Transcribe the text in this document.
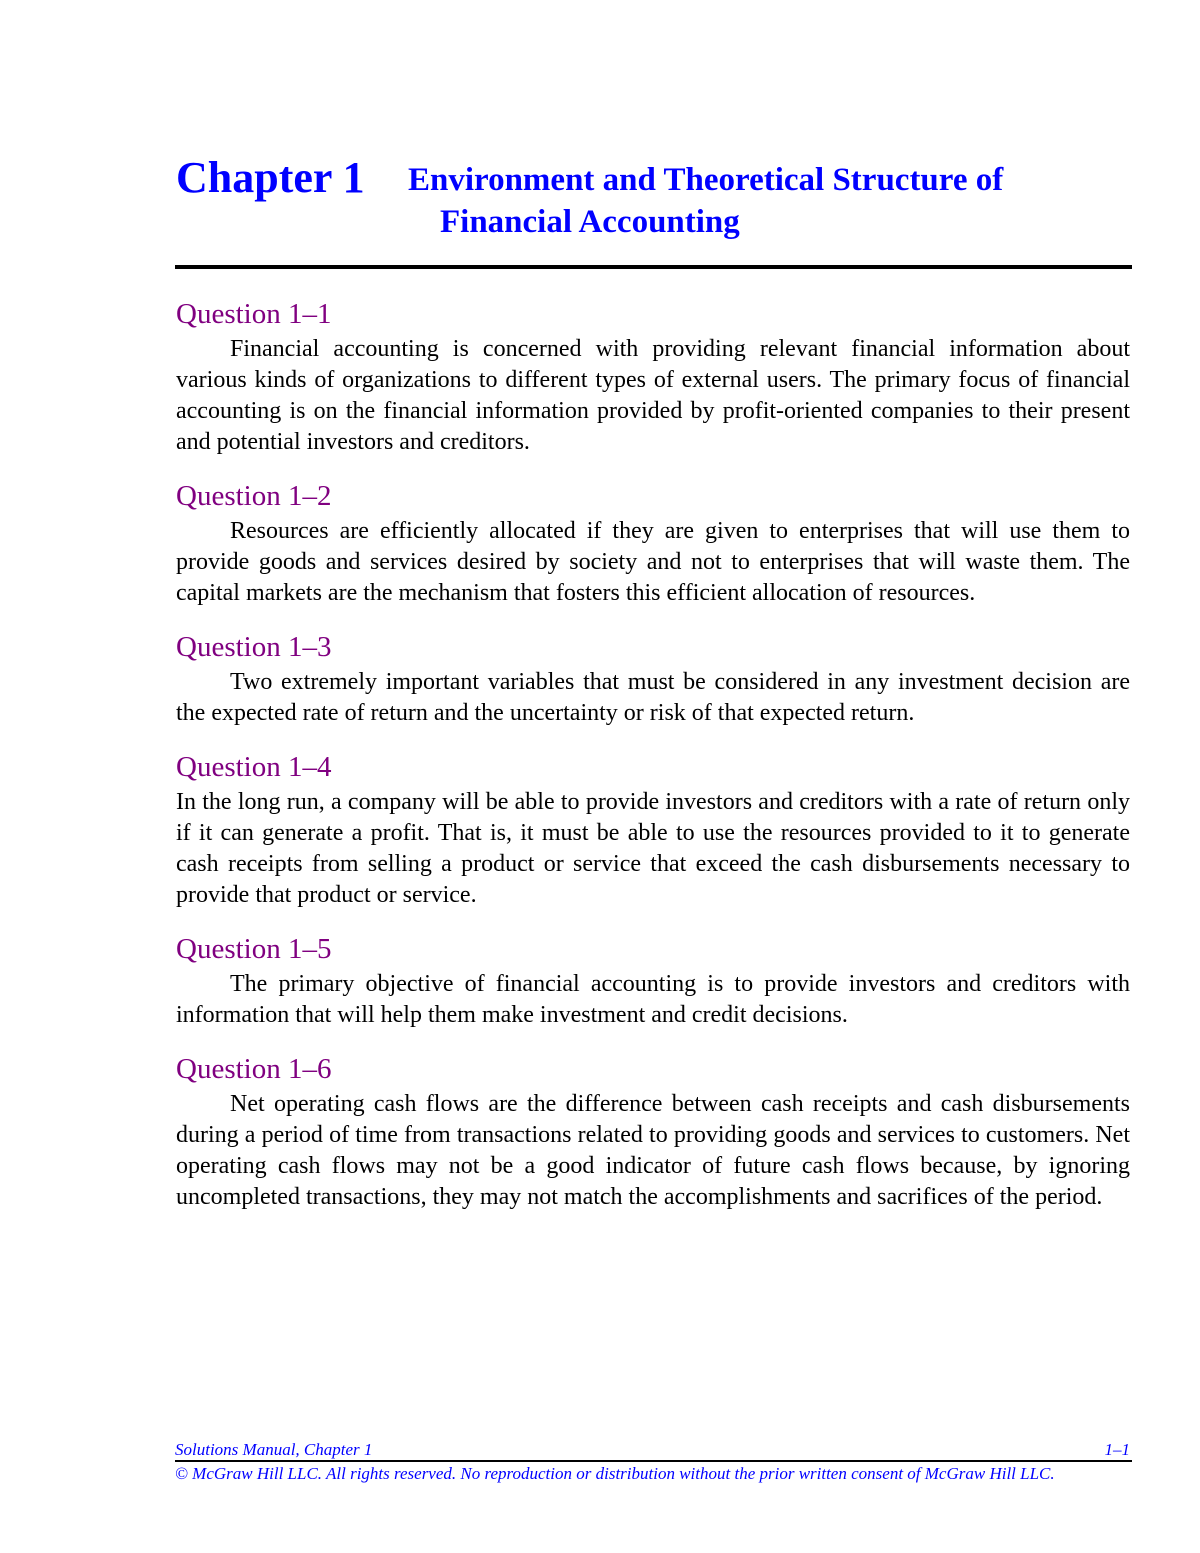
Chapter 1 Environment and Theoretical Structure of
Financial Accounting
Question 1–1

Financial accounting is concerned with providing relevant financial information about various kinds of organizations to different types of external users. The primary focus of financial accounting is on the financial information provided by profit-oriented companies to their present and potential investors and creditors.

Question 1–2

Resources are efficiently allocated if they are given to enterprises that will use them to provide goods and services desired by society and not to enterprises that will waste them. The capital markets are the mechanism that fosters this efficient allocation of resources.

Question 1–3

Two extremely important variables that must be considered in any investment decision are the expected rate of return and the uncertainty or risk of that expected return.

Question 1–4

In the long run, a company will be able to provide investors and creditors with a rate of return only if it can generate a profit. That is, it must be able to use the resources provided to it to generate cash receipts from selling a product or service that exceed the cash disbursements necessary to provide that product or service.

Question 1–5

The primary objective of financial accounting is to provide investors and creditors with information that will help them make investment and credit decisions.

Question 1–6

Net operating cash flows are the difference between cash receipts and cash disbursements during a period of time from transactions related to providing goods and services to customers. Net operating cash flows may not be a good indicator of future cash flows because, by ignoring uncompleted transactions, they may not match the accomplishments and sacrifices of the period.

Solutions Manual, Chapter 1	1–1
© McGraw Hill LLC. All rights reserved. No reproduction or distribution without the prior written consent of McGraw Hill LLC.
